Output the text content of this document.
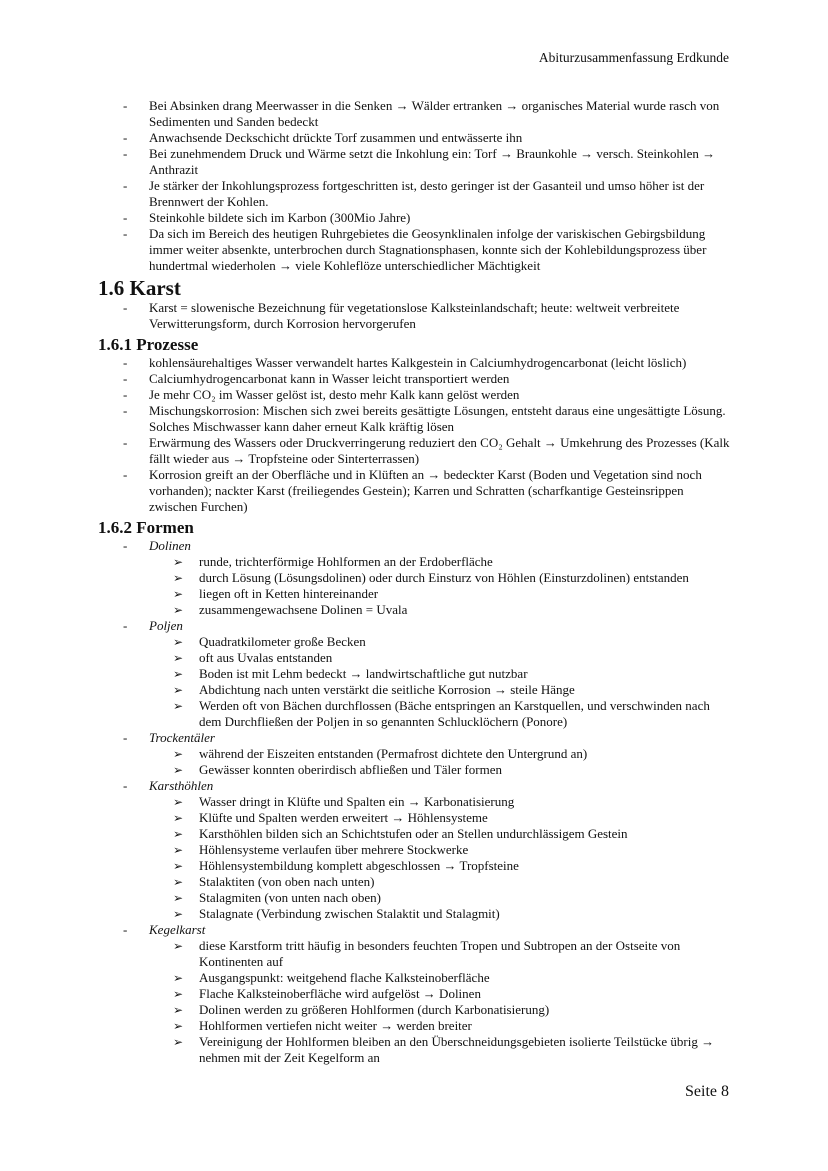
Abiturzusammenfassung Erdkunde
- Bei Absinken drang Meerwasser in die Senken → Wälder ertranken → organisches Material wurde rasch von Sedimenten und Sanden bedeckt
- Anwachsende Deckschicht drückte Torf zusammen und entwässerte ihn
- Bei zunehmendem Druck und Wärme setzt die Inkohlung ein: Torf → Braunkohle → versch. Steinkohlen → Anthrazit
- Je stärker der Inkohlungsprozess fortgeschritten ist, desto geringer ist der Gasanteil und umso höher ist der Brennwert der Kohlen.
- Steinkohle bildete sich im Karbon (300Mio Jahre)
- Da sich im Bereich des heutigen Ruhrgebietes die Geosynklinalen infolge der variskischen Gebirgsbildung immer weiter absenkte, unterbrochen durch Stagnationsphasen, konnte sich der Kohlebildungsprozess über hundertmal wiederholen → viele Kohleflöze unterschiedlicher Mächtigkeit
1.6 Karst
- Karst = slowenische Bezeichnung für vegetationslose Kalksteinlandschaft; heute: weltweit verbreitete Verwitterungsform, durch Korrosion hervorgerufen
1.6.1 Prozesse
- kohlensäurehaltiges Wasser verwandelt hartes Kalkgestein in Calciumhydrogencarbonat (leicht löslich)
- Calciumhydrogencarbonat kann in Wasser leicht transportiert werden
- Je mehr CO₂ im Wasser gelöst ist, desto mehr Kalk kann gelöst werden
- Mischungskorrosion: Mischen sich zwei bereits gesättigte Lösungen, entsteht daraus eine ungesättigte Lösung. Solches Mischwasser kann daher erneut Kalk kräftig lösen
- Erwärmung des Wassers oder Druckverringerung reduziert den CO₂ Gehalt → Umkehrung des Prozesses (Kalk fällt wieder aus → Tropfsteine oder Sinterterrassen)
- Korrosion greift an der Oberfläche und in Klüften an → bedeckter Karst (Boden und Vegetation sind noch vorhanden); nackter Karst (freiliegendes Gestein); Karren und Schratten (scharfkantige Gesteinsrippen zwischen Furchen)
1.6.2 Formen
- Dolinen
➢ runde, trichterförmige Hohlformen an der Erdoberfläche
➢ durch Lösung (Lösungsdolinen) oder durch Einsturz von Höhlen (Einsturzdolinen) entstanden
➢ liegen oft in Ketten hintereinander
➢ zusammengewachsene Dolinen = Uvala
- Poljen
➢ Quadratkilometer große Becken
➢ oft aus Uvalas entstanden
➢ Boden ist mit Lehm bedeckt → landwirtschaftliche gut nutzbar
➢ Abdichtung nach unten verstärkt die seitliche Korrosion → steile Hänge
➢ Werden oft von Bächen durchflossen (Bäche entspringen an Karstquellen, und verschwinden nach dem Durchfließen der Poljen in so genannten Schlucklöchern (Ponore)
- Trockentäler
➢ während der Eiszeiten entstanden (Permafrost dichtete den Untergrund an)
➢ Gewässer konnten oberirdisch abfließen und Täler formen
- Karsthöhlen
➢ Wasser dringt in Klüfte und Spalten ein → Karbonatisierung
➢ Klüfte und Spalten werden erweitert → Höhlensysteme
➢ Karsthöhlen bilden sich an Schichtstufen oder an Stellen undurchlässigem Gestein
➢ Höhlensysteme verlaufen über mehrere Stockwerke
➢ Höhlensystembildung komplett abgeschlossen → Tropfsteine
➢ Stalaktiten (von oben nach unten)
➢ Stalagmiten (von unten nach oben)
➢ Stalagnate (Verbindung zwischen Stalaktit und Stalagmit)
- Kegelkarst
➢ diese Karstform tritt häufig in besonders feuchten Tropen und Subtropen an der Ostseite von Kontinenten auf
➢ Ausgangspunkt: weitgehend flache Kalksteinoberfläche
➢ Flache Kalksteinoberfläche wird aufgelöst → Dolinen
➢ Dolinen werden zu größeren Hohlformen (durch Karbonatisierung)
➢ Hohlformen vertiefen nicht weiter → werden breiter
➢ Vereinigung der Hohlformen bleiben an den Überschneidungsgebieten isolierte Teilstücke übrig → nehmen mit der Zeit Kegelform an
Seite 8
